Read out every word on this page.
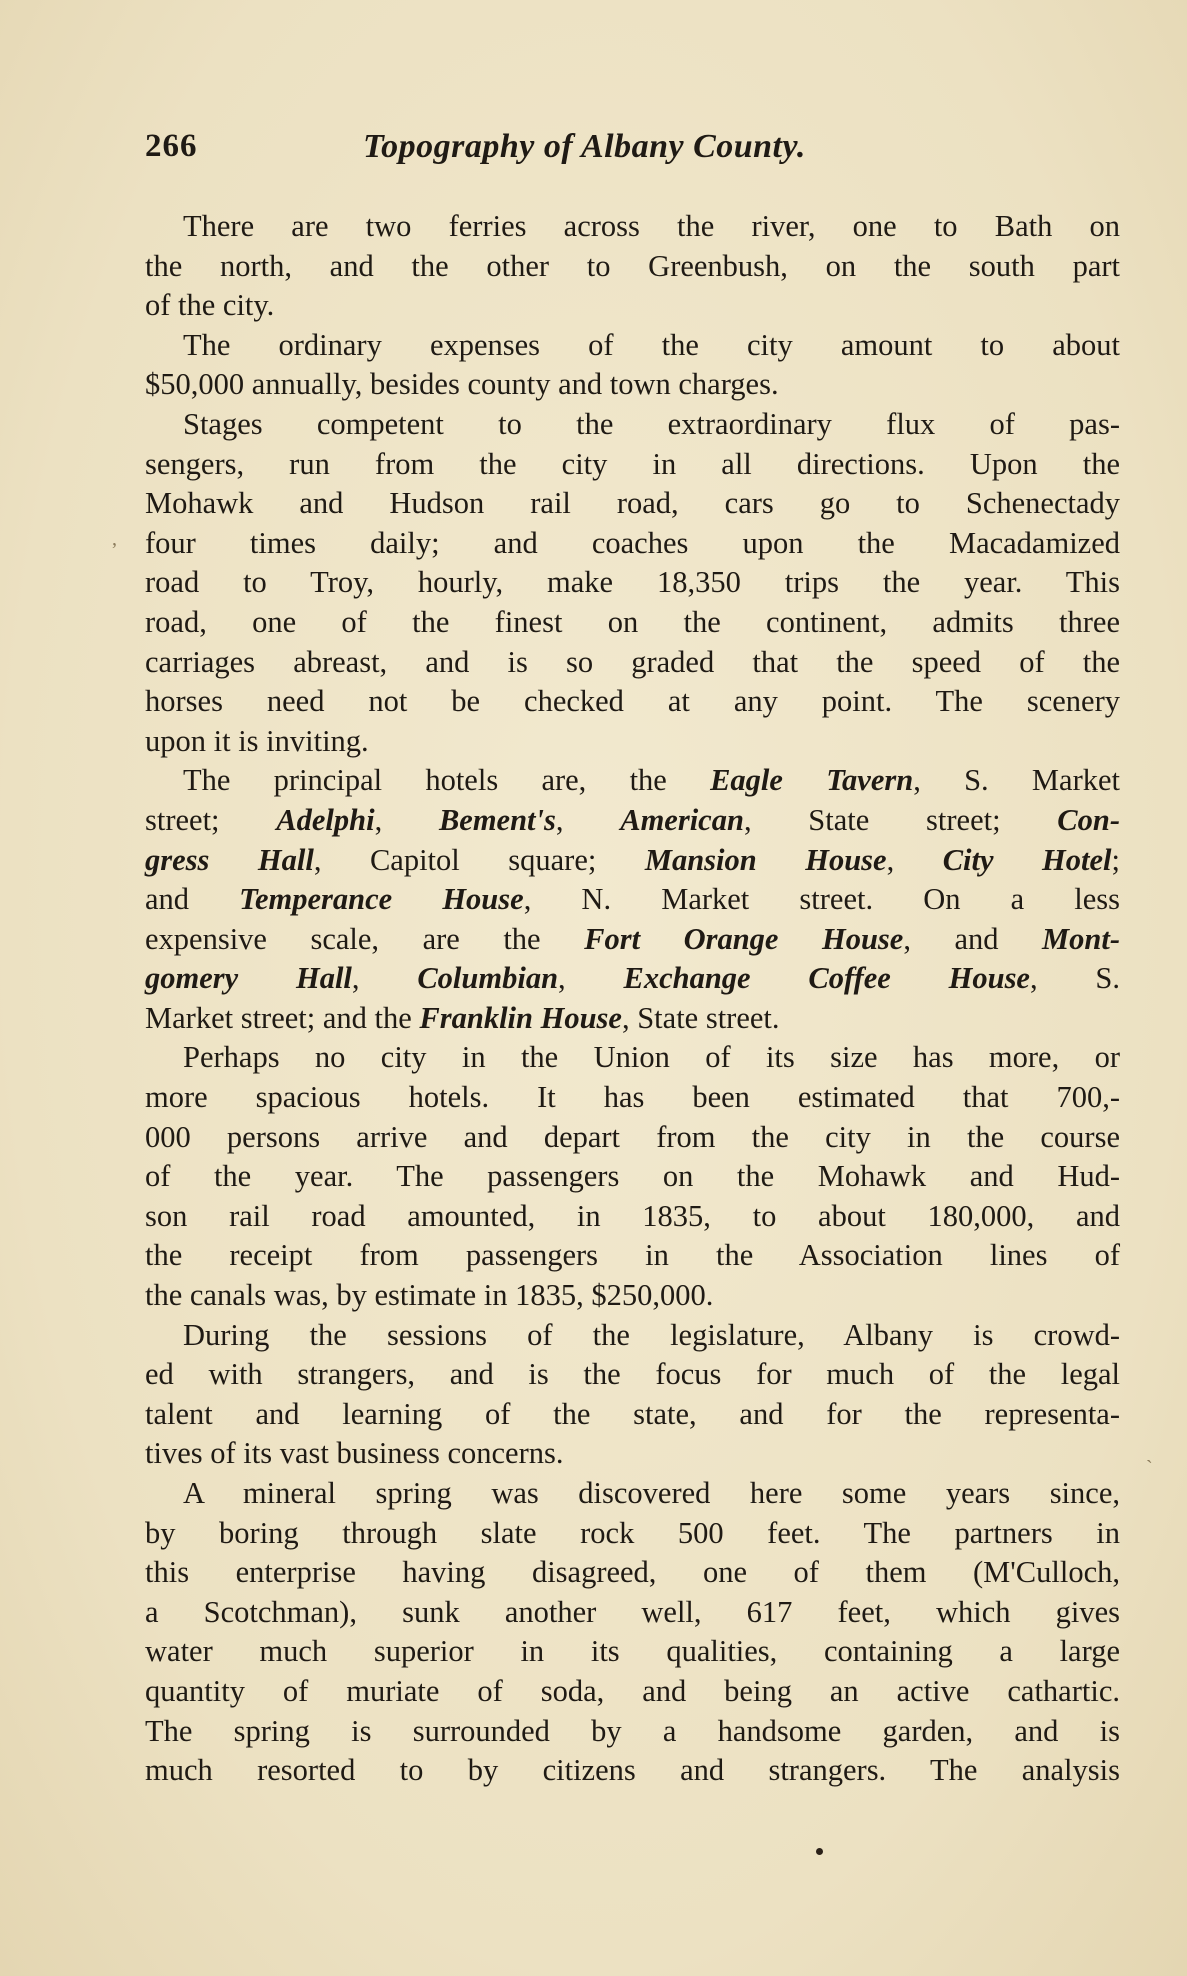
266	Topography of Albany County.

There are two ferries across the river, one to Bath on
the north, and the other to Greenbush, on the south part
of the city.

The ordinary expenses of the city amount to about
$50,000 annually, besides county and town charges.

Stages competent to the extraordinary flux of pas-
sengers, run from the city in all directions. Upon the
Mohawk and Hudson rail road, cars go to Schenectady
four times daily; and coaches upon the Macadamized
road to Troy, hourly, make 18,350 trips the year. This
road, one of the finest on the continent, admits three
carriages abreast, and is so graded that the speed of the
horses need not be checked at any point. The scenery
upon it is inviting.

The principal hotels are, the Eagle Tavern, S. Market
street; Adelphi, Bement's, American, State street; Con-
gress Hall, Capitol square; Mansion House, City Hotel;
and Temperance House, N. Market street. On a less
expensive scale, are the Fort Orange House, and Mont-
gomery Hall, Columbian, Exchange Coffee House, S.
Market street; and the Franklin House, State street.

Perhaps no city in the Union of its size has more, or
more spacious hotels. It has been estimated that 700,-
000 persons arrive and depart from the city in the course
of the year. The passengers on the Mohawk and Hud-
son rail road amounted, in 1835, to about 180,000, and
the receipt from passengers in the Association lines of
the canals was, by estimate in 1835, $250,000.

During the sessions of the legislature, Albany is crowd-
ed with strangers, and is the focus for much of the legal
talent and learning of the state, and for the representa-
tives of its vast business concerns.

A mineral spring was discovered here some years since,
by boring through slate rock 500 feet. The partners in
this enterprise having disagreed, one of them (M'Culloch,
a Scotchman), sunk another well, 617 feet, which gives
water much superior in its qualities, containing a large
quantity of muriate of soda, and being an active cathartic.
The spring is surrounded by a handsome garden, and is
much resorted to by citizens and strangers. The analysis

,
`
